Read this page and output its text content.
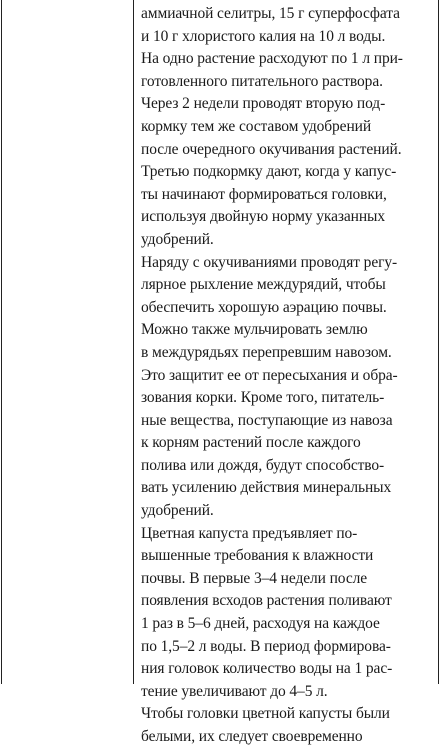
аммиачной селитры, 15 г суперфосфата
и 10 г хлористого калия на 10 л воды.
На одно растение расходуют по 1 л при-
готовленного питательного раствора.
Через 2 недели проводят вторую под-
кормку тем же составом удобрений
после очередного окучивания растений.
Третью подкормку дают, когда у капус-
ты начинают формироваться головки,
используя двойную норму указанных
удобрений.
Наряду с окучиваниями проводят регу-
лярное рыхление междурядий, чтобы
обеспечить хорошую аэрацию почвы.
Можно также мульчировать землю
в междурядьях перепревшим навозом.
Это защитит ее от пересыхания и обра-
зования корки. Кроме того, питатель-
ные вещества, поступающие из навоза
к корням растений после каждого
полива или дождя, будут способство-
вать усилению действия минеральных
удобрений.
Цветная капуста предъявляет по-
вышенные требования к влажности
почвы. В первые 3–4 недели после
появления всходов растения поливают
1 раз в 5–6 дней, расходуя на каждое
по 1,5–2 л воды. В период формирова-
ния головок количество воды на 1 рас-
тение увеличивают до 4–5 л.
Чтобы головки цветной капусты были
белыми, их следует своевременно
